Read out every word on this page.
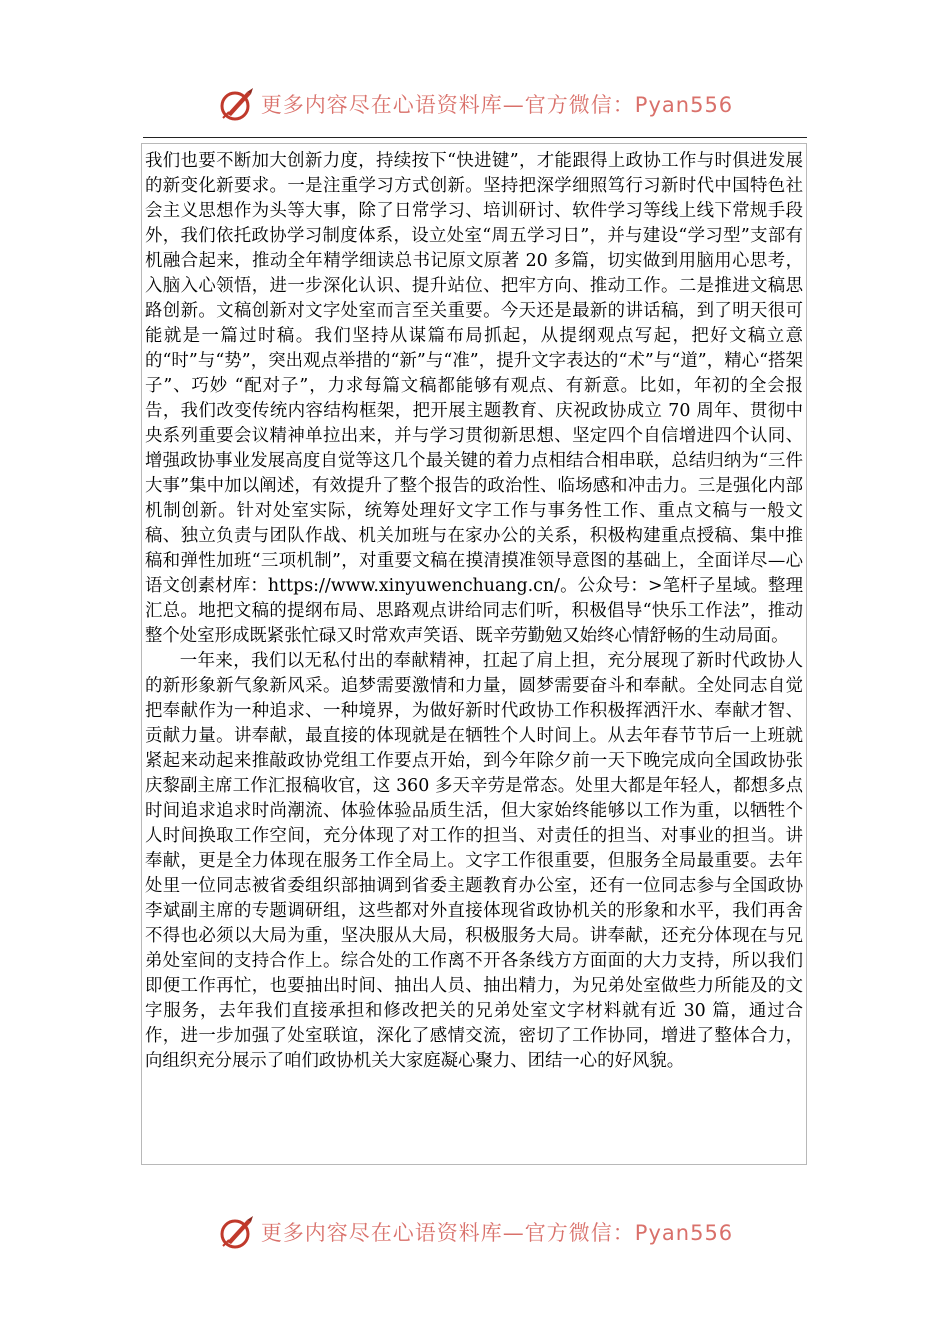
更多内容尽在心语资料库—官方微信：Pyan556

我们也要不断加大创新力度，持续按下“快进键”，才能跟得上政协工作与时俱进发展的新变化新要求。一是注重学习方式创新。坚持把深学细照笃行习新时代中国特色社会主义思想作为头等大事，除了日常学习、培训研讨、软件学习等线上线下常规手段外，我们依托政协学习制度体系，设立处室“周五学习日”，并与建设“学习型”支部有机融合起来，推动全年精学细读总书记原文原著 20 多篇，切实做到用脑用心思考，入脑入心领悟，进一步深化认识、提升站位、把牢方向、推动工作。二是推进文稿思路创新。文稿创新对文字处室而言至关重要。今天还是最新的讲话稿，到了明天很可能就是一篇过时稿。我们坚持从谋篇布局抓起，从提纲观点写起，把好文稿立意的“时”与“势”，突出观点举措的“新”与“准”，提升文字表达的“术”与“道”，精心“搭架子”、巧妙 “配对子”，力求每篇文稿都能够有观点、有新意。比如，年初的全会报告，我们改变传统内容结构框架，把开展主题教育、庆祝政协成立 70 周年、贯彻中央系列重要会议精神单拉出来，并与学习贯彻新思想、坚定四个自信增进四个认同、增强政协事业发展高度自觉等这几个最关键的着力点相结合相串联，总结归纳为“三件大事”集中加以阐述，有效提升了整个报告的政治性、临场感和冲击力。三是强化内部机制创新。针对处室实际，统筹处理好文字工作与事务性工作、重点文稿与一般文稿、独立负责与团队作战、机关加班与在家办公的关系，积极构建重点授稿、集中推稿和弹性加班“三项机制”，对重要文稿在摸清摸准领导意图的基础上，全面详尽—心语文创素材库：https://www.xinyuwenchuang.cn/。公众号：>笔杆子星域。整理汇总。地把文稿的提纲布局、思路观点讲给同志们听，积极倡导“快乐工作法”，推动整个处室形成既紧张忙碌又时常欢声笑语、既辛劳勤勉又始终心情舒畅的生动局面。

一年来，我们以无私付出的奉献精神，扛起了肩上担，充分展现了新时代政协人的新形象新气象新风采。追梦需要激情和力量，圆梦需要奋斗和奉献。全处同志自觉把奉献作为一种追求、一种境界，为做好新时代政协工作积极挥洒汗水、奉献才智、贡献力量。讲奉献，最直接的体现就是在牺牲个人时间上。从去年春节节后一上班就紧起来动起来推敲政协党组工作要点开始，到今年除夕前一天下晚完成向全国政协张庆黎副主席工作汇报稿收官，这 360 多天辛劳是常态。处里大都是年轻人，都想多点时间追求追求时尚潮流、体验体验品质生活，但大家始终能够以工作为重，以牺牲个人时间换取工作空间，充分体现了对工作的担当、对责任的担当、对事业的担当。讲奉献，更是全力体现在服务工作全局上。文字工作很重要，但服务全局最重要。去年处里一位同志被省委组织部抽调到省委主题教育办公室，还有一位同志参与全国政协李斌副主席的专题调研组，这些都对外直接体现省政协机关的形象和水平，我们再舍不得也必须以大局为重，坚决服从大局，积极服务大局。讲奉献，还充分体现在与兄弟处室间的支持合作上。综合处的工作离不开各条线方方面面的大力支持，所以我们即便工作再忙，也要抽出时间、抽出人员、抽出精力，为兄弟处室做些力所能及的文字服务，去年我们直接承担和修改把关的兄弟处室文字材料就有近 30 篇，通过合作，进一步加强了处室联谊，深化了感情交流，密切了工作协同，增进了整体合力，向组织充分展示了咱们政协机关大家庭凝心聚力、团结一心的好风貌。

更多内容尽在心语资料库—官方微信：Pyan556
